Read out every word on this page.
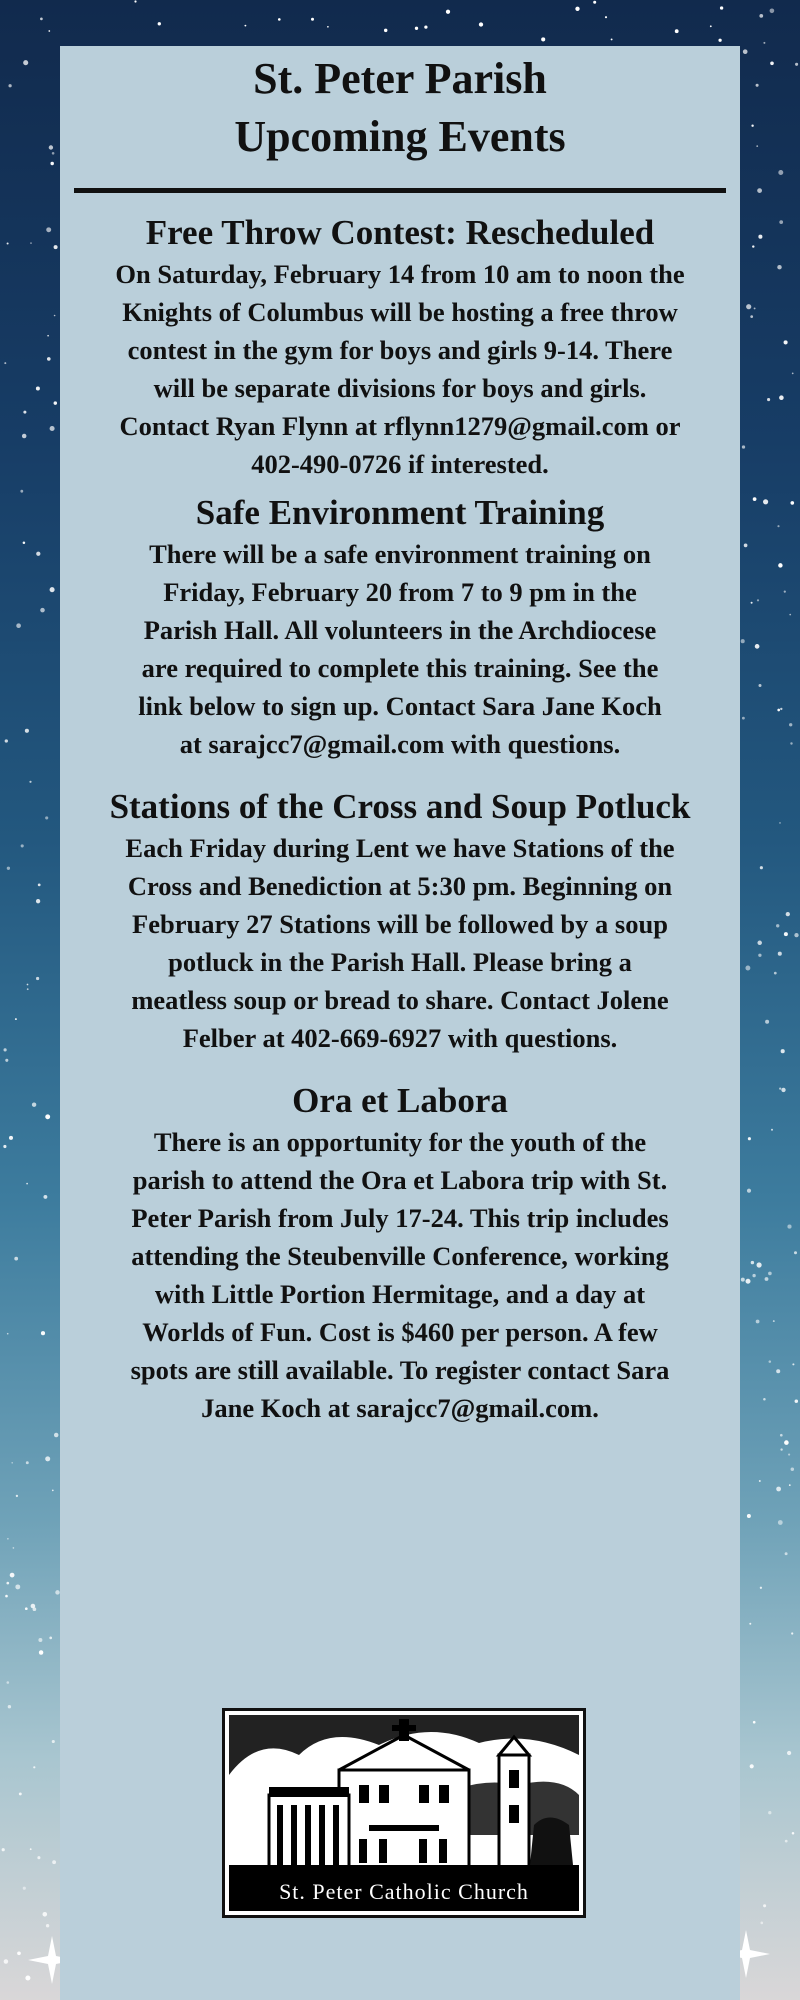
St. Peter Parish
Upcoming Events
Free Throw Contest: Rescheduled

On Saturday, February 14 from 10 am to noon the
Knights of Columbus will be hosting a free throw
contest in the gym for boys and girls 9-14. There
will be separate divisions for boys and girls.
Contact Ryan Flynn at rflynn1279@gmail.com or
402-490-0726 if interested.

Safe Environment Training

There will be a safe environment training on
Friday, February 20 from 7 to 9 pm in the
Parish Hall. All volunteers in the Archdiocese
are required to complete this training. See the
link below to sign up. Contact Sara Jane Koch
at sarajcc7@gmail.com with questions.

Stations of the Cross and Soup Potluck

Each Friday during Lent we have Stations of the
Cross and Benediction at 5:30 pm. Beginning on
February 27 Stations will be followed by a soup
potluck in the Parish Hall. Please bring a
meatless soup or bread to share. Contact Jolene
Felber at 402-669-6927 with questions.

Ora et Labora

There is an opportunity for the youth of the
parish to attend the Ora et Labora trip with St.
Peter Parish from July 17-24. This trip includes
attending the Steubenville Conference, working
with Little Portion Hermitage, and a day at
Worlds of Fun. Cost is $460 per person. A few
spots are still available. To register contact Sara
Jane Koch at sarajcc7@gmail.com.

St. Peter Catholic Church
